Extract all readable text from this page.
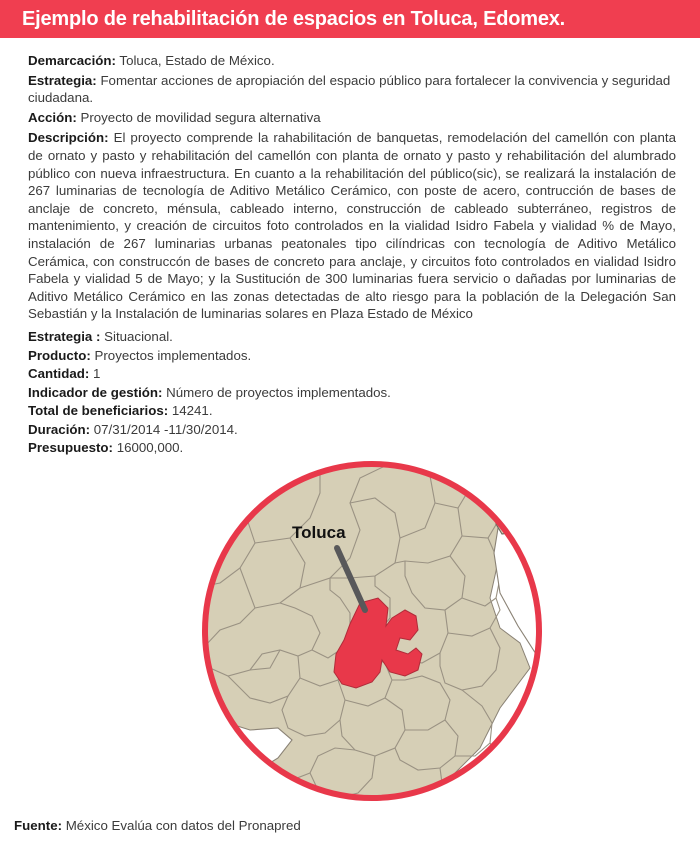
Ejemplo de rehabilitación de espacios en Toluca, Edomex.
Demarcación: Toluca, Estado de México.
Estrategia: Fomentar acciones de apropiación del espacio público para fortalecer la convivencia y seguridad ciudadana.
Acción: Proyecto de movilidad segura alternativa
Descripción: El proyecto comprende la rahabilitación de banquetas, remodelación del camellón con planta de ornato y pasto y rehabilitación del camellón con planta de ornato y pasto y rehabilitación del alumbrado público con nueva infraestructura. En cuanto a la rehabilitación del público(sic), se realizará la instalación de 267 luminarias de tecnología de Aditivo Metálico Cerámico, con poste de acero, contrucción de bases de anclaje de concreto, ménsula, cableado interno, construcción de cableado subterráneo, registros de mantenimiento, y creación de circuitos foto controlados en la vialidad Isidro Fabela y vialidad % de Mayo, instalación de 267 luminarias urbanas peatonales tipo cilíndricas con tecnología de Aditivo Metálico Cerámica, con construccón de bases de concreto para anclaje, y circuitos foto controlados en vialidad Isidro Fabela y vialidad 5 de Mayo; y la Sustitución de 300 luminarias fuera servicio o dañadas por luminarias de Aditivo Metálico Cerámico en las zonas detectadas de alto riesgo para la población de la Delegación San Sebastián y la Instalación de luminarias solares en Plaza Estado de México
Estrategia : Situacional.
Producto: Proyectos implementados.
Cantidad: 1
Indicador de gestión: Número de proyectos implementados.
Total de beneficiarios: 14241.
Duración: 07/31/2014 -11/30/2014.
Presupuesto: 16000,000.
Toluca
Fuente: México Evalúa con datos del Pronapred
